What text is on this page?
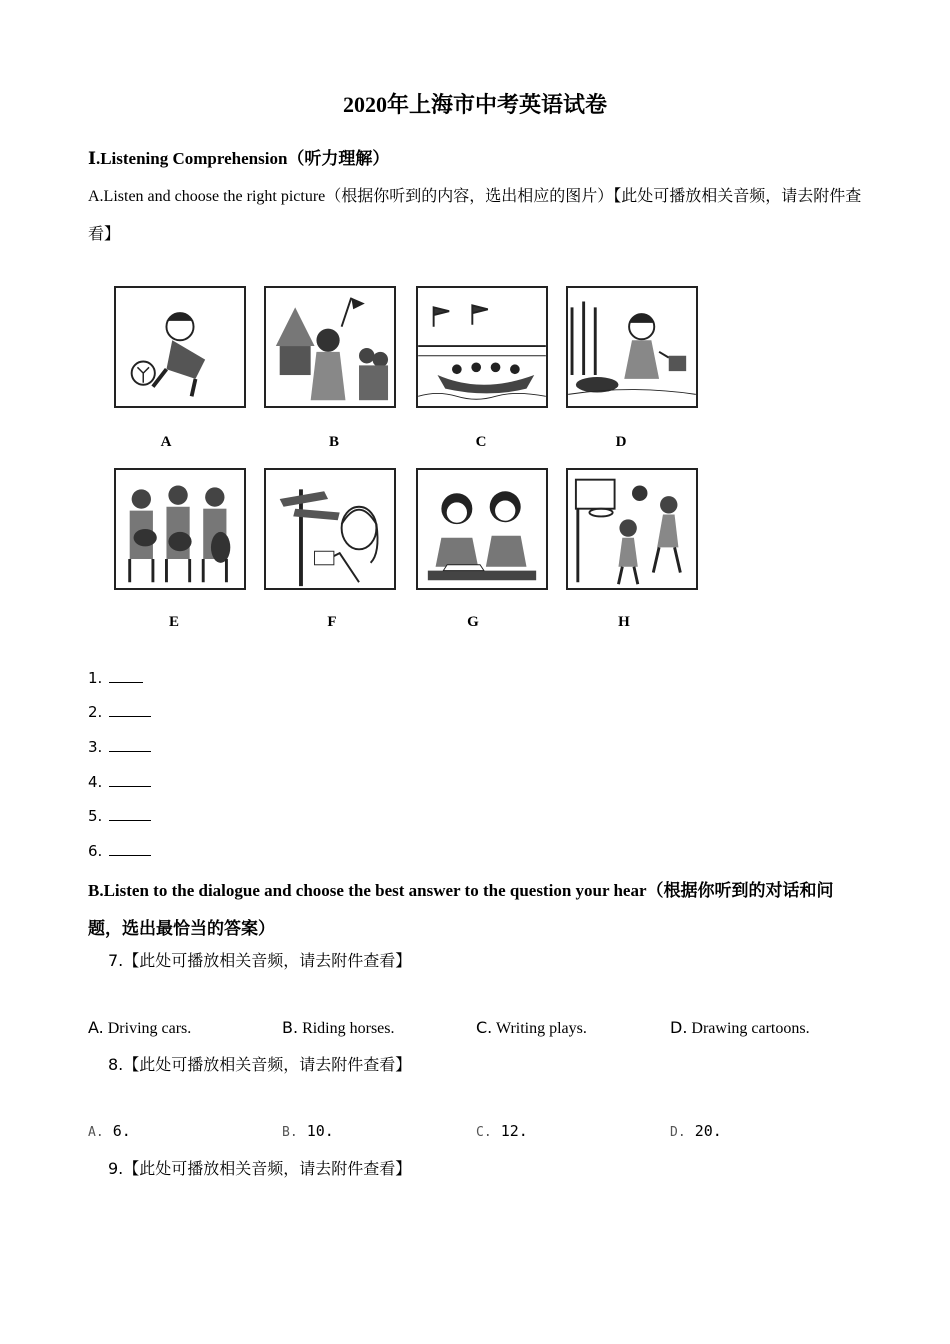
2020年上海市中考英语试卷
Ⅰ.Listening Comprehension（听力理解）
A.Listen and choose the right picture（根据你听到的内容，选出相应的图片）【此处可播放相关音频，请去附件查看】
A	B	C	D
E	F	G	H
1.
2.
3.
4.
5.
6.
B.Listen to the dialogue and choose the best answer to the question your hear（根据你听到的对话和问题，选出最恰当的答案）
7.【此处可播放相关音频，请去附件查看】
A. Driving cars.	B. Riding horses.	C. Writing plays.	D. Drawing cartoons.
8.【此处可播放相关音频，请去附件查看】
A. 6.	B. 10.	C. 12.	D. 20.
9.【此处可播放相关音频，请去附件查看】
